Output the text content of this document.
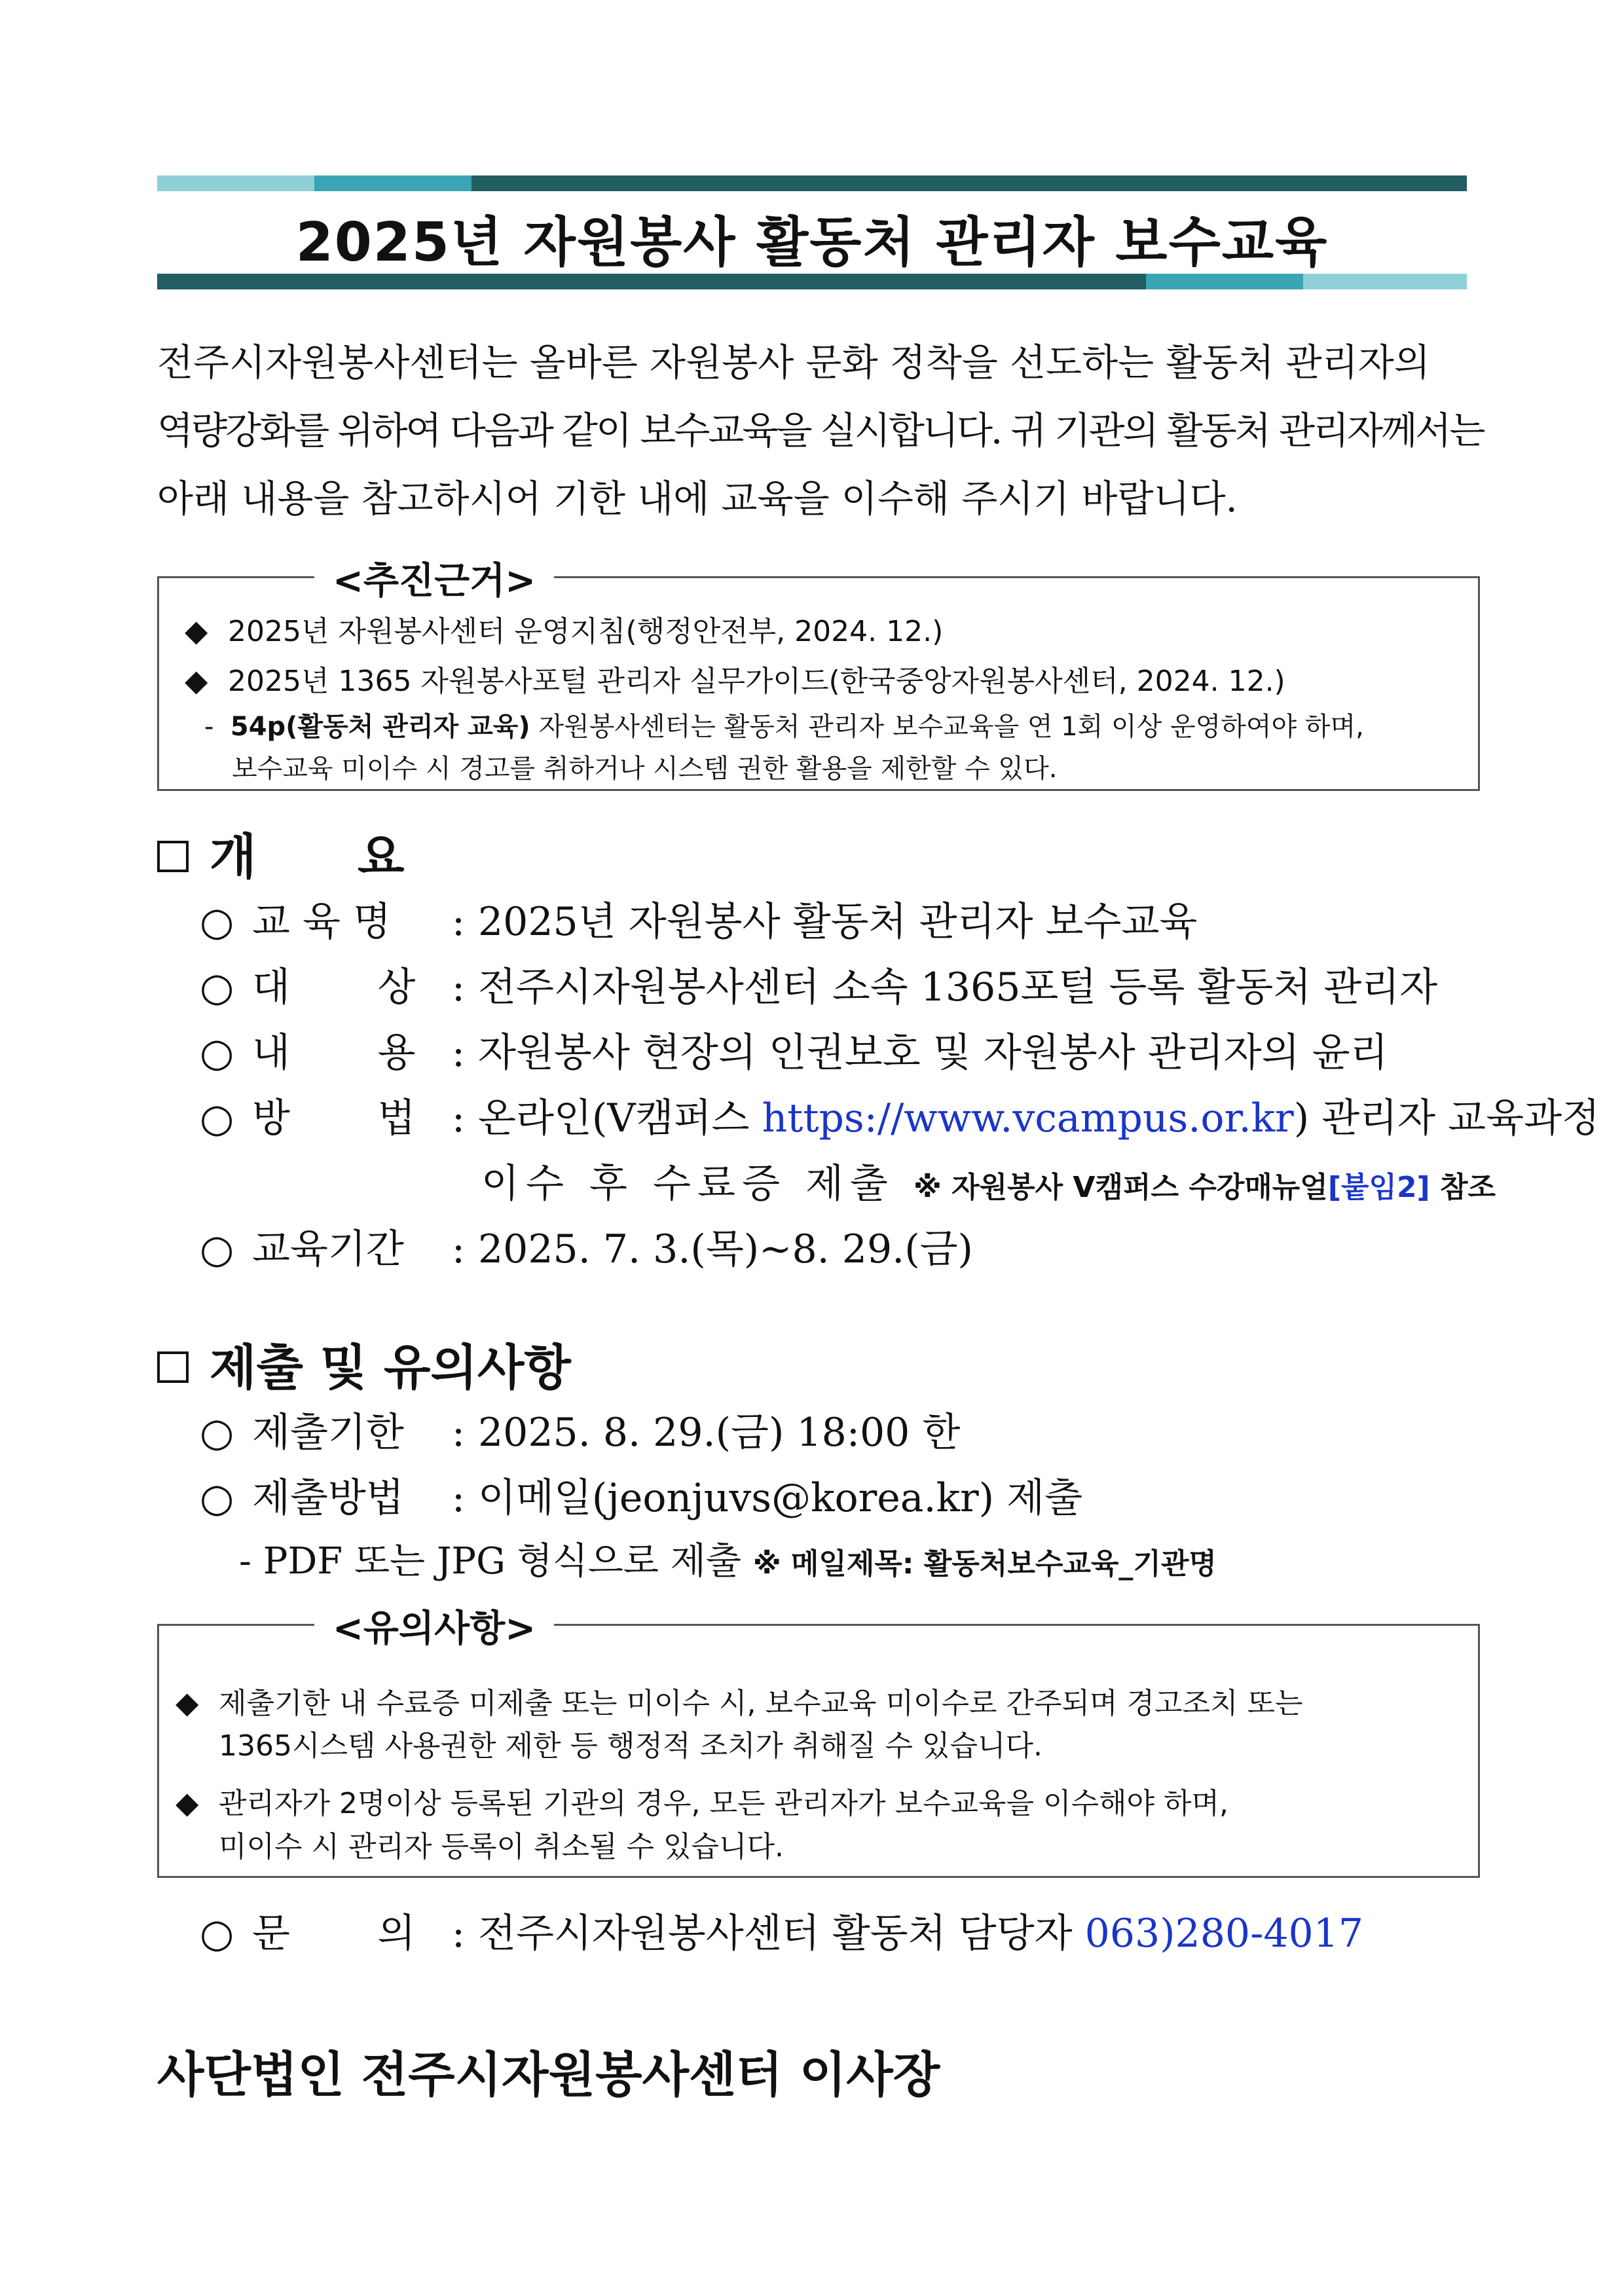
2025년 자원봉사 활동처 관리자 보수교육
전주시자원봉사센터는 올바른 자원봉사 문화 정착을 선도하는 활동처 관리자의
역량강화를 위하여 다음과 같이 보수교육을 실시합니다. 귀 기관의 활동처 관리자께서는
아래 내용을 참고하시어 기한 내에 교육을 이수해 주시기 바랍니다.
<추진근거>
◆ 2025년 자원봉사센터 운영지침(행정안전부, 2024. 12.)
◆ 2025년 1365 자원봉사포털 관리자 실무가이드(한국중앙자원봉사센터, 2024. 12.)
- 54p(활동처 관리자 교육) 자원봉사센터는 활동처 관리자 보수교육을 연 1회 이상 운영하여야 하며,
보수교육 미이수 시 경고를 취하거나 시스템 권한 활용을 제한할 수 있다.
개      요
○ 교 육 명 : 2025년 자원봉사 활동처 관리자 보수교육
○ 대       상 : 전주시자원봉사센터 소속 1365포털 등록 활동처 관리자
○ 내       용 : 자원봉사 현장의 인권보호 및 자원봉사 관리자의 윤리
○ 방       법 : 온라인(V캠퍼스 https://www.vcampus.or.kr) 관리자 교육과정
이수 후 수료증 제출 ※ 자원봉사 V캠퍼스 수강매뉴얼[붙임2] 참조
○ 교육기간 : 2025. 7. 3.(목)~8. 29.(금)
제출 및 유의사항
○ 제출기한 : 2025. 8. 29.(금) 18:00 한
○ 제출방법 : 이메일(jeonjuvs@korea.kr) 제출
- PDF 또는 JPG 형식으로 제출 ※ 메일제목: 활동처보수교육_기관명
<유의사항>
◆ 제출기한 내 수료증 미제출 또는 미이수 시, 보수교육 미이수로 간주되며 경고조치 또는
1365시스템 사용권한 제한 등 행정적 조치가 취해질 수 있습니다.
◆ 관리자가 2명이상 등록된 기관의 경우, 모든 관리자가 보수교육을 이수해야 하며,
미이수 시 관리자 등록이 취소될 수 있습니다.
○ 문       의 : 전주시자원봉사센터 활동처 담당자 063)280-4017
사단법인 전주시자원봉사센터 이사장
